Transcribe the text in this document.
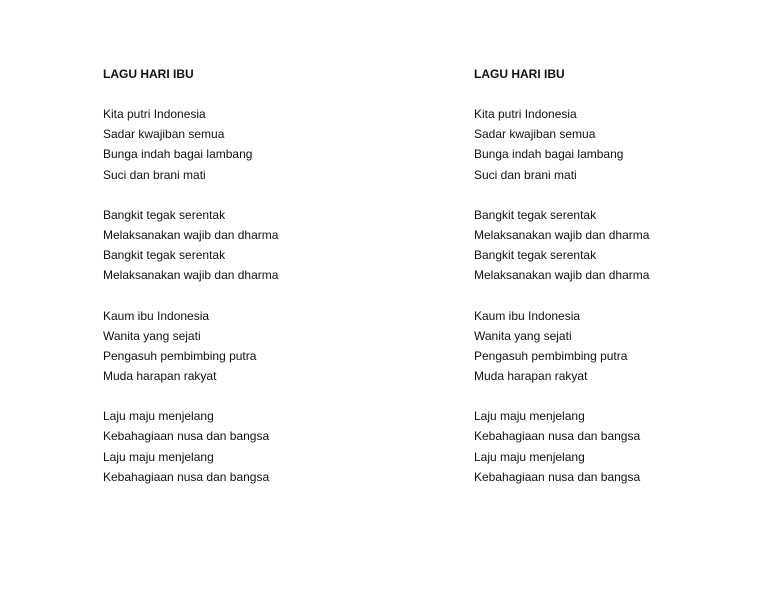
LAGU HARI IBU
Kita putri Indonesia
Sadar kwajiban semua
Bunga indah bagai lambang
Suci dan brani mati
Bangkit tegak serentak
Melaksanakan wajib dan dharma
Bangkit tegak serentak
Melaksanakan wajib dan dharma
Kaum ibu Indonesia
Wanita yang sejati
Pengasuh pembimbing putra
Muda harapan rakyat
Laju maju menjelang
Kebahagiaan nusa dan bangsa
Laju maju menjelang
Kebahagiaan nusa dan bangsa
LAGU HARI IBU
Kita putri Indonesia
Sadar kwajiban semua
Bunga indah bagai lambang
Suci dan brani mati
Bangkit tegak serentak
Melaksanakan wajib dan dharma
Bangkit tegak serentak
Melaksanakan wajib dan dharma
Kaum ibu Indonesia
Wanita yang sejati
Pengasuh pembimbing putra
Muda harapan rakyat
Laju maju menjelang
Kebahagiaan nusa dan bangsa
Laju maju menjelang
Kebahagiaan nusa dan bangsa
